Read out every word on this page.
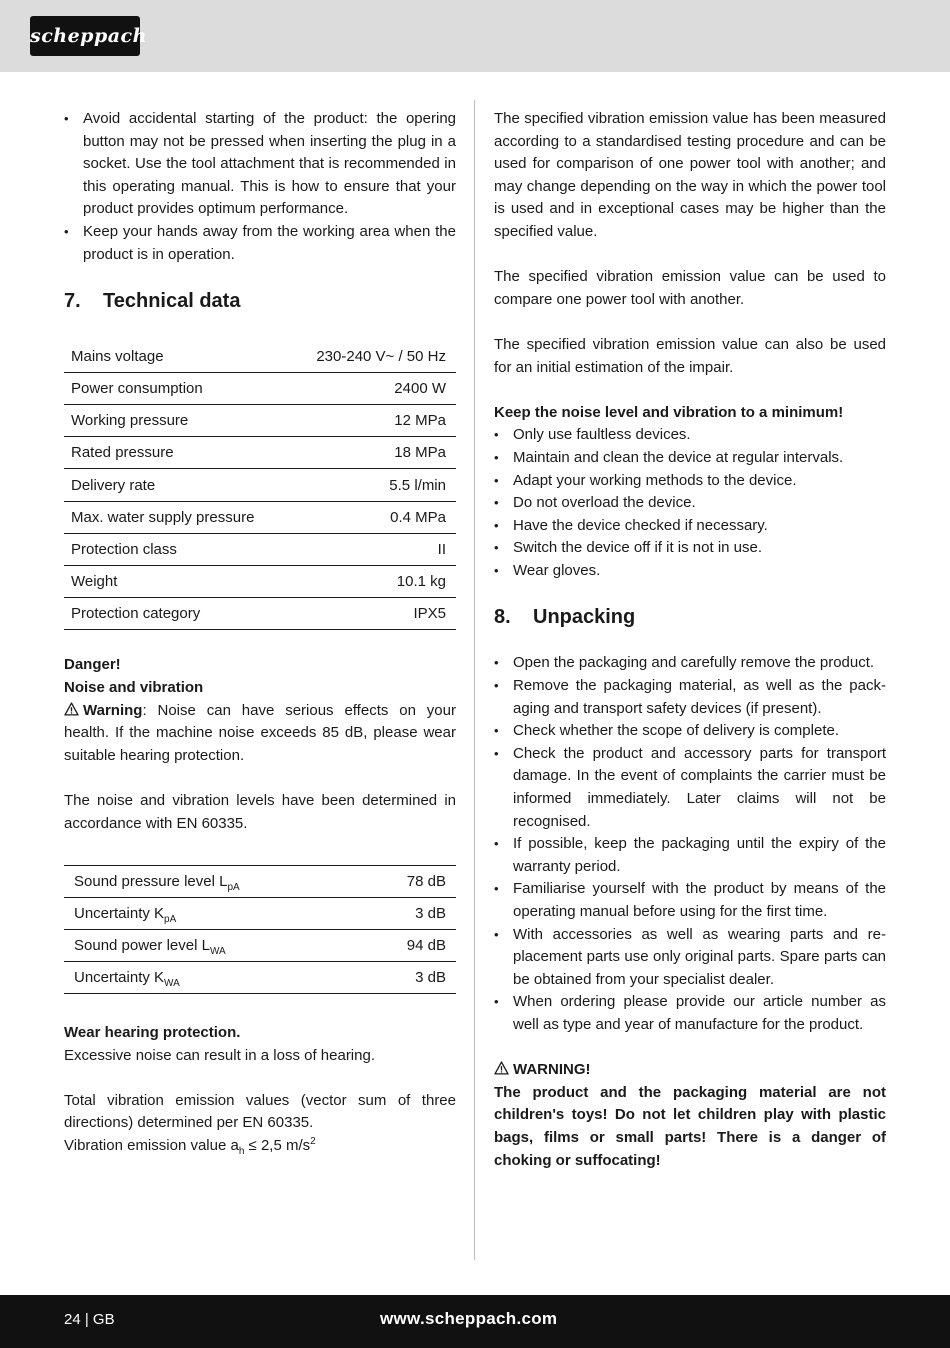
scheppach
• Avoid accidental starting of the product: the opering button may not be pressed when inserting the plug in a socket. Use the tool attachment that is recommended in this operating manual. This is how to ensure that your product provides optimum performance.
• Keep your hands away from the working area when the product is in operation.
7.	Technical data
Mains voltage	230-240 V~ / 50 Hz
Power consumption	2400 W
Working pressure	12 MPa
Rated pressure	18 MPa
Delivery rate	5.5 l/min
Max. water supply pressure	0.4 MPa
Protection class	II
Weight	10.1 kg
Protection category	IPX5

Danger!

Noise and vibration

Warning: Noise can have serious effects on your health. If the machine noise exceeds 85 dB, please wear suitable hearing protection.

The noise and vibration levels have been determined in accordance with EN 60335.

Sound pressure level $L_{pA}$	78 dB
Uncertainty $K_{pA}$	3 dB
Sound power level $L_{WA}$	94 dB
Uncertainty $K_{WA}$	3 dB

Wear hearing protection.

Excessive noise can result in a loss of hearing.

Total vibration emission values (vector sum of three directions) determined per EN 60335.

Vibration emission value $a_h \le 2,5$ $m/s^2$

The specified vibration emission value has been measured according to a standardised testing procedure and can be used for comparison of one power tool with another; and may change depending on the way in which the power tool is used and in exceptional cases may be higher than the specified value.

The specified vibration emission value can be used to compare one power tool with another.

The specified vibration emission value can also be used for an initial estimation of the impair.

Keep the noise level and vibration to a minimum!

• Only use faultless devices.
• Maintain and clean the device at regular intervals.
• Adapt your working methods to the device.
• Do not overload the device.
• Have the device checked if necessary.
• Switch the device off if it is not in use.
• Wear gloves.
8.	Unpacking
• Open the packaging and carefully remove the product.
• Remove the packaging material, as well as the packaging and transport safety devices (if present).
• Check whether the scope of delivery is complete.
• Check the product and accessory parts for transport damage. In the event of complaints the carrier must be informed immediately. Later claims will not be recognised.
• If possible, keep the packaging until the expiry of the warranty period.
• Familiarise yourself with the product by means of the operating manual before using for the first time.
• With accessories as well as wearing parts and replacement parts use only original parts. Spare parts can be obtained from your specialist dealer.
• When ordering please provide our article number as well as type and year of manufacture for the product.

WARNING!

The product and the packaging material are not children's toys! Do not let children play with plastic bags, films or small parts! There is a danger of choking or suffocating!

24 | GB	www.scheppach.com
